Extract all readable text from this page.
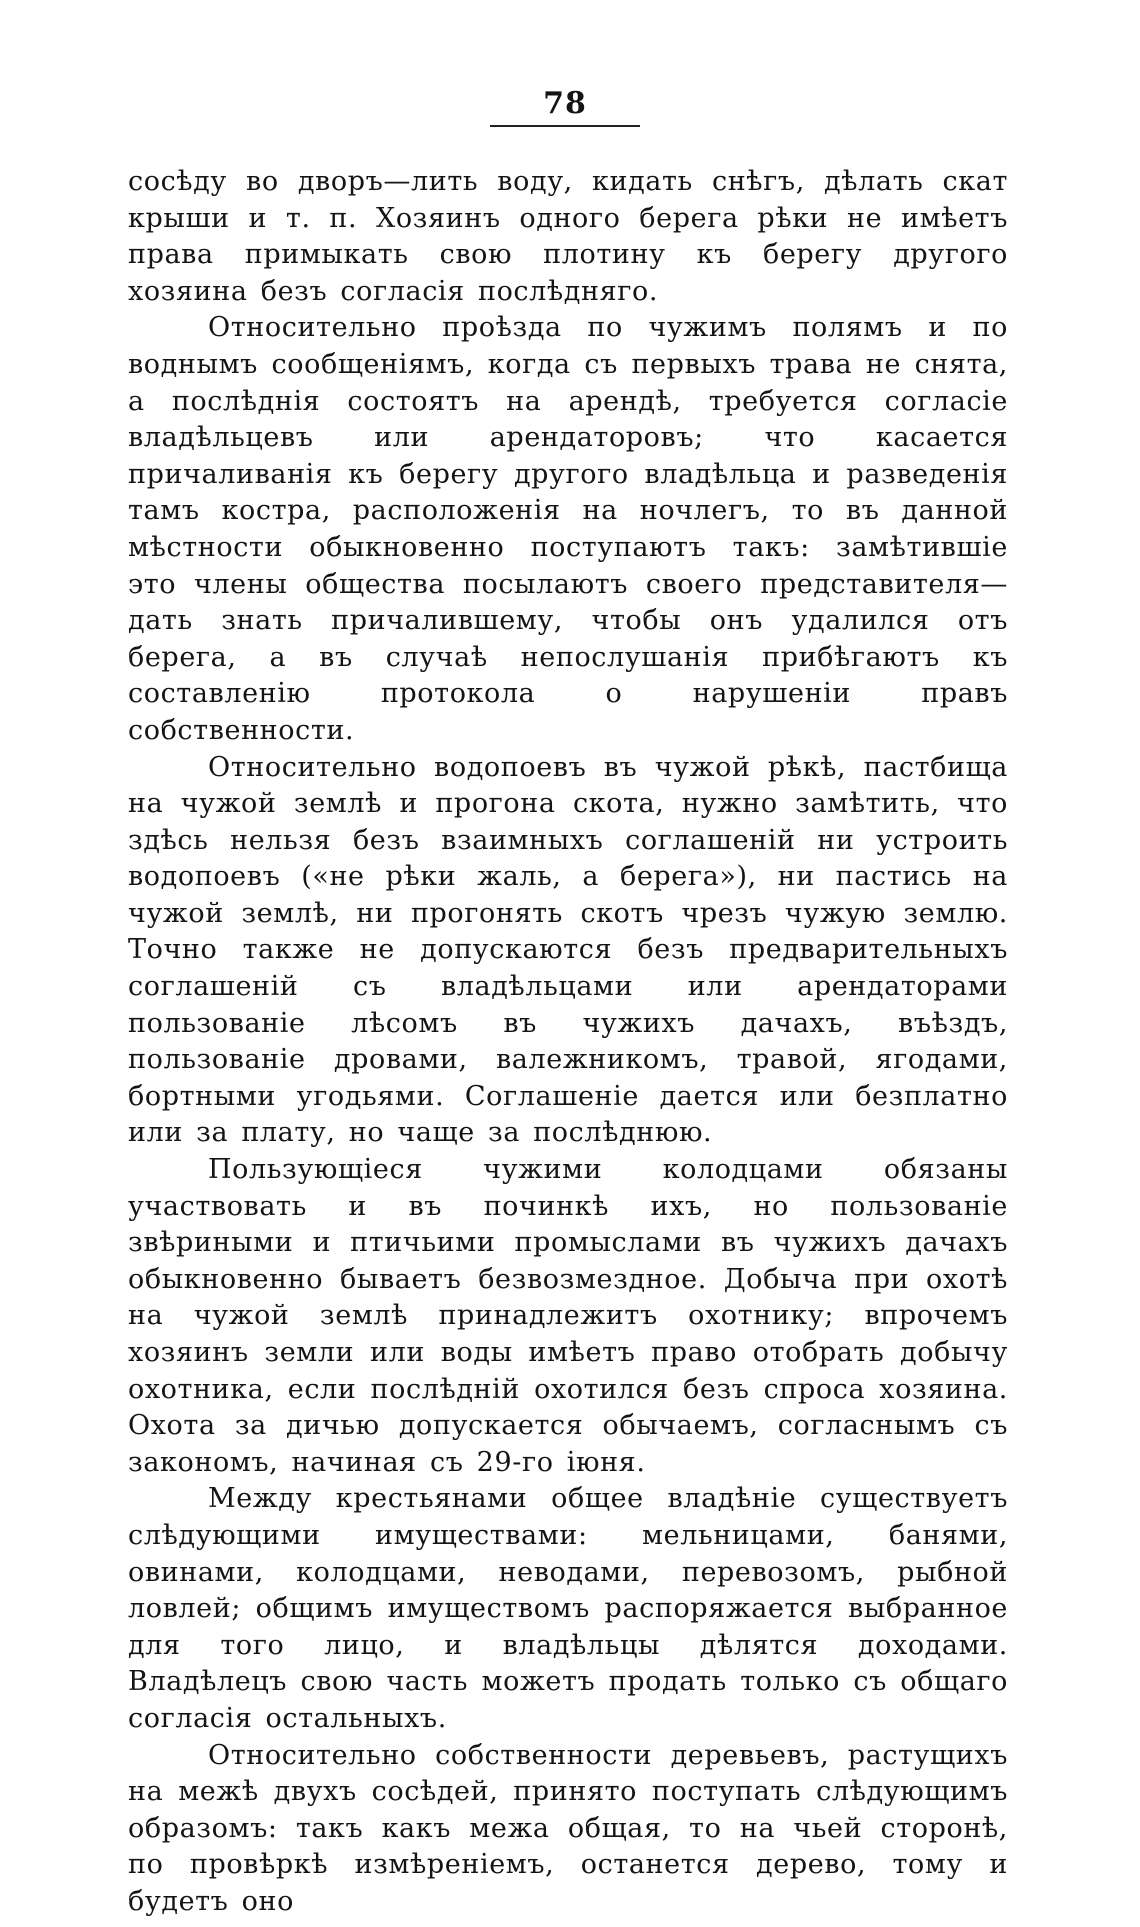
78

сосѣду во дворъ—лить воду, кидать снѣгъ, дѣлать скат крыши и т. п. Хозяинъ одного берега рѣки не имѣетъ права примыкать свою плотину къ берегу другого хозяина безъ согласія послѣдняго.

Относительно проѣзда по чужимъ полямъ и по воднымъ сообщеніямъ, когда съ первыхъ трава не снята, а послѣднія состоятъ на арендѣ, требуется согласіе владѣльцевъ или арендаторовъ; что касается причаливанія къ берегу другого владѣльца и разведенія тамъ костра, расположенія на ночлегъ, то въ данной мѣстности обыкновенно поступаютъ такъ: замѣтившіе это члены общества посылаютъ своего представителя—дать знать причалившему, чтобы онъ удалился отъ берега, а въ случаѣ непослушанія прибѣгаютъ къ составленію протокола о нарушеніи правъ собственности.

Относительно водопоевъ въ чужой рѣкѣ, пастбища на чужой землѣ и прогона скота, нужно замѣтить, что здѣсь нельзя безъ взаимныхъ соглашеній ни устроить водопоевъ («не рѣки жаль, а берега»), ни пастись на чужой землѣ, ни прогонять скотъ чрезъ чужую землю. Точно также не допускаются безъ предварительныхъ соглашеній съ владѣльцами или арендаторами пользованіе лѣсомъ въ чужихъ дачахъ, въѣздъ, пользованіе дровами, валежникомъ, травой, ягодами, бортными угодьями. Соглашеніе дается или безплатно или за плату, но чаще за послѣднюю.

Пользующіеся чужими колодцами обязаны участвовать и въ починкѣ ихъ, но пользованіе звѣриными и птичьими промыслами въ чужихъ дачахъ обыкновенно бываетъ безвозмездное. Добыча при охотѣ на чужой землѣ принадлежитъ охотнику; впрочемъ хозяинъ земли или воды имѣетъ право отобрать добычу охотника, если послѣдній охотился безъ спроса хозяина. Охота за дичью допускается обычаемъ, согласнымъ съ закономъ, начиная съ 29-го іюня.

Между крестьянами общее владѣніе существуетъ слѣдующими имуществами: мельницами, банями, овинами, колодцами, неводами, перевозомъ, рыбной ловлей; общимъ имуществомъ распоряжается выбранное для того лицо, и владѣльцы дѣлятся доходами. Владѣлецъ свою часть можетъ продать только съ общаго согласія остальныхъ.

Относительно собственности деревьевъ, растущихъ на межѣ двухъ сосѣдей, принято поступать слѣдующимъ образомъ: такъ какъ межа общая, то на чьей сторонѣ, по провѣркѣ измѣреніемъ, останется дерево, тому и будетъ оно
